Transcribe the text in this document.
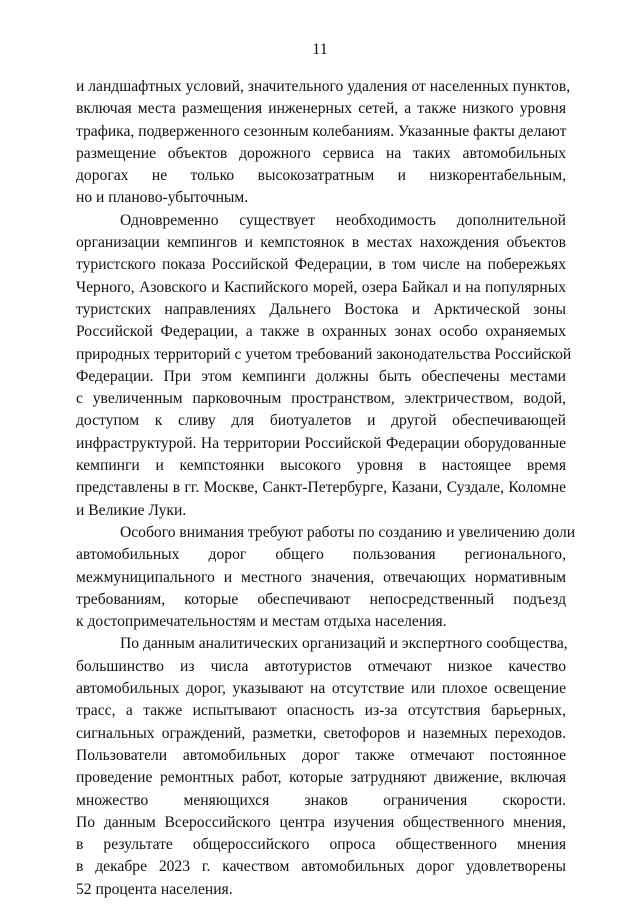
11
и ландшафтных условий, значительного удаления от населенных пунктов,
включая места размещения инженерных сетей, а также низкого уровня
трафика, подверженного сезонным колебаниям. Указанные факты делают
размещение объектов дорожного сервиса на таких автомобильных
дорогах не только высокозатратным и низкорентабельным,
но и планово-убыточным.
Одновременно существует необходимость дополнительной
организации кемпингов и кемпстоянок в местах нахождения объектов
туристского показа Российской Федерации, в том числе на побережьях
Черного, Азовского и Каспийского морей, озера Байкал и на популярных
туристских направлениях Дальнего Востока и Арктической зоны
Российской Федерации, а также в охранных зонах особо охраняемых
природных территорий с учетом требований законодательства Российской
Федерации. При этом кемпинги должны быть обеспечены местами
с увеличенным парковочным пространством, электричеством, водой,
доступом к сливу для биотуалетов и другой обеспечивающей
инфраструктурой. На территории Российской Федерации оборудованные
кемпинги и кемпстоянки высокого уровня в настоящее время
представлены в гг. Москве, Санкт-Петербурге, Казани, Суздале, Коломне
и Великие Луки.
Особого внимания требуют работы по созданию и увеличению доли
автомобильных дорог общего пользования регионального,
межмуниципального и местного значения, отвечающих нормативным
требованиям, которые обеспечивают непосредственный подъезд
к достопримечательностям и местам отдыха населения.
По данным аналитических организаций и экспертного сообщества,
большинство из числа автотуристов отмечают низкое качество
автомобильных дорог, указывают на отсутствие или плохое освещение
трасс, а также испытывают опасность из-за отсутствия барьерных,
сигнальных ограждений, разметки, светофоров и наземных переходов.
Пользователи автомобильных дорог также отмечают постоянное
проведение ремонтных работ, которые затрудняют движение, включая
множество меняющихся знаков ограничения скорости.
По данным Всероссийского центра изучения общественного мнения,
в результате общероссийского опроса общественного мнения
в декабре 2023 г. качеством автомобильных дорог удовлетворены
52 процента населения.
